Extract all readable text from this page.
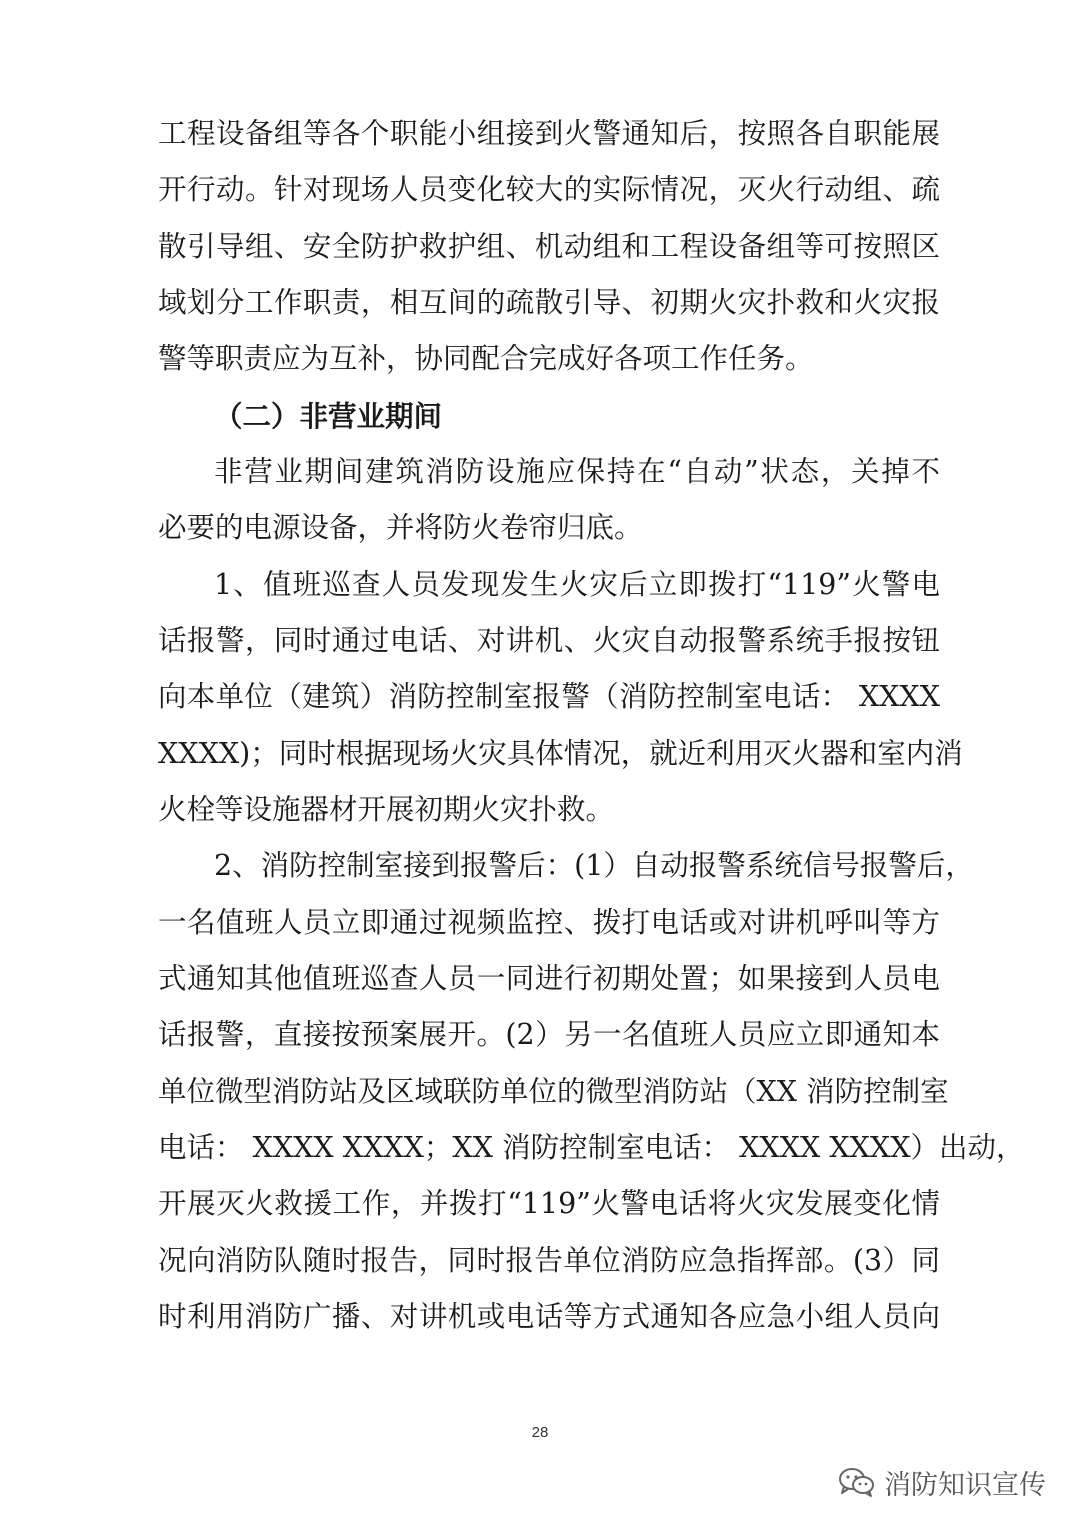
工程设备组等各个职能小组接到火警通知后，按照各自职能展
开行动。针对现场人员变化较大的实际情况，灭火行动组、疏
散引导组、安全防护救护组、机动组和工程设备组等可按照区
域划分工作职责，相互间的疏散引导、初期火灾扑救和火灾报
警等职责应为互补，协同配合完成好各项工作任务。
（二）非营业期间
非营业期间建筑消防设施应保持在“自动”状态，关掉不
必要的电源设备，并将防火卷帘归底。
1、值班巡查人员发现发生火灾后立即拨打“119”火警电
话报警，同时通过电话、对讲机、火灾自动报警系统手报按钮
向本单位（建筑）消防控制室报警（消防控制室电话： XXXX
XXXX)；同时根据现场火灾具体情况，就近利用灭火器和室内消
火栓等设施器材开展初期火灾扑救。
2、消防控制室接到报警后：(1）自动报警系统信号报警后，
一名值班人员立即通过视频监控、拨打电话或对讲机呼叫等方
式通知其他值班巡查人员一同进行初期处置；如果接到人员电
话报警，直接按预案展开。(2）另一名值班人员应立即通知本
单位微型消防站及区域联防单位的微型消防站（XX 消防控制室
电话： XXXX XXXX；XX 消防控制室电话： XXXX XXXX）出动，
开展灭火救援工作，并拨打“119”火警电话将火灾发展变化情
况向消防队随时报告，同时报告单位消防应急指挥部。(3）同
时利用消防广播、对讲机或电话等方式通知各应急小组人员向
28
消防知识宣传
